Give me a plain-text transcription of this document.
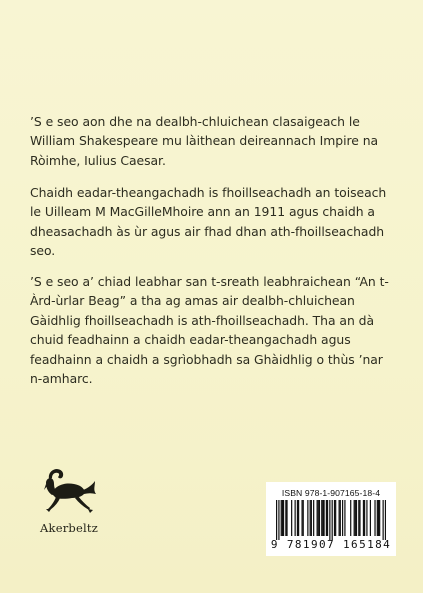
’S e seo aon dhe na dealbh-chluichean clasaigeach le William Shakespeare mu làithean deireannach Impire na Ròimhe, Iulius Caesar.

Chaidh eadar-theangachadh is fhoillseachadh an toiseach le Uilleam M MacGilleMhoire ann an 1911 agus chaidh a dheasachadh às ùr agus air fhad dhan ath-fhoillseachadh seo.

’S e seo a’ chiad leabhar san t-sreath leabhraichean “An t-Àrd-ùrlar Beag” a tha ag amas air dealbh-chluichean Gàidhlig fhoillseachadh is ath-fhoillseachadh. Tha an dà chuid feadhainn a chaidh eadar-theangachadh agus feadhainn a chaidh a sgrìobhadh sa Ghàidhlig o thùs ’nar n-amharc.

Akerbeltz
ISBN 978-1-907165-18-4
9 781907 165184
